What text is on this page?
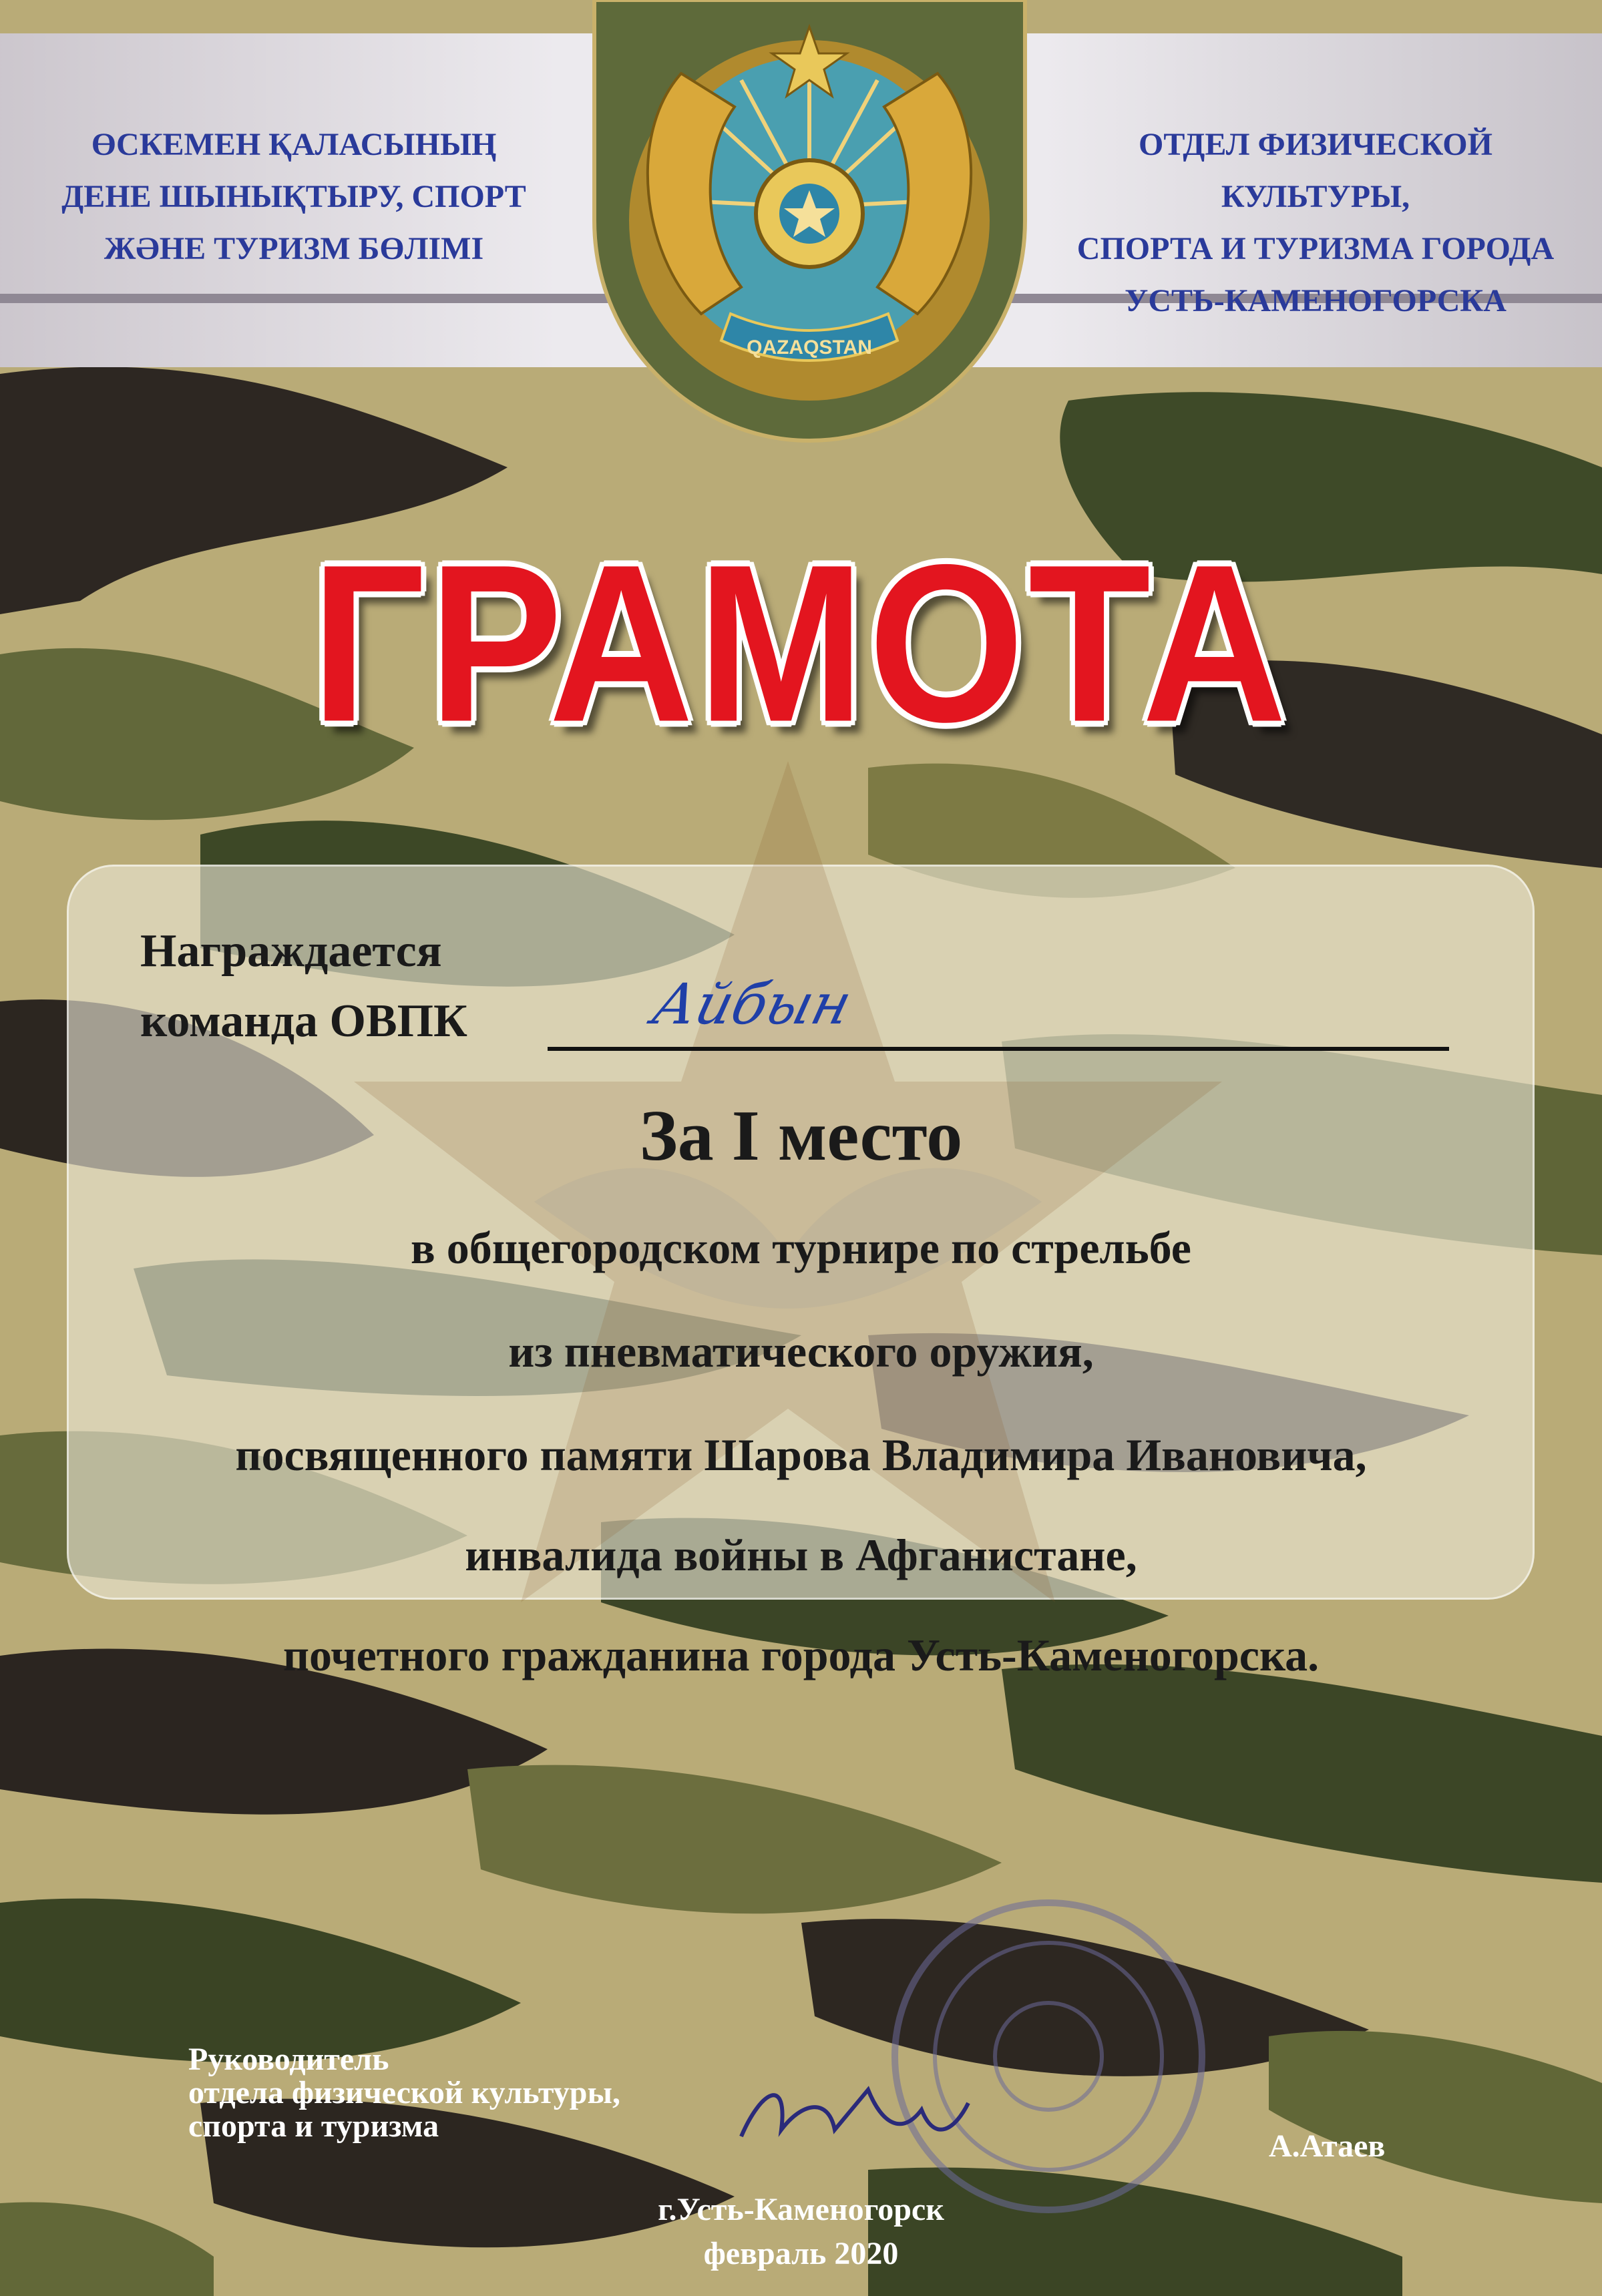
ӨСКЕМЕН ҚАЛАСЫНЫҢ
ДЕНЕ ШЫНЫҚТЫРУ, СПОРТ
ЖӘНЕ ТУРИЗМ БӨЛІМІ
ОТДЕЛ ФИЗИЧЕСКОЙ КУЛЬТУРЫ,
СПОРТА И ТУРИЗМА ГОРОДА
УСТЬ-КАМЕНОГОРСКА
QAZAQSTAN
ГРАМОТА
Награждается
команда ОВПК	Айбын
За I место
в общегородском турнире по стрельбе
из пневматического оружия,
посвященного памяти Шарова Владимира Ивановича,
инвалида войны в Афганистане,
почетного гражданина города Усть-Каменогорска.
Руководитель
отдела физической культуры,
спорта и туризма
А.Атаев
г.Усть-Каменогорск
февраль 2020
